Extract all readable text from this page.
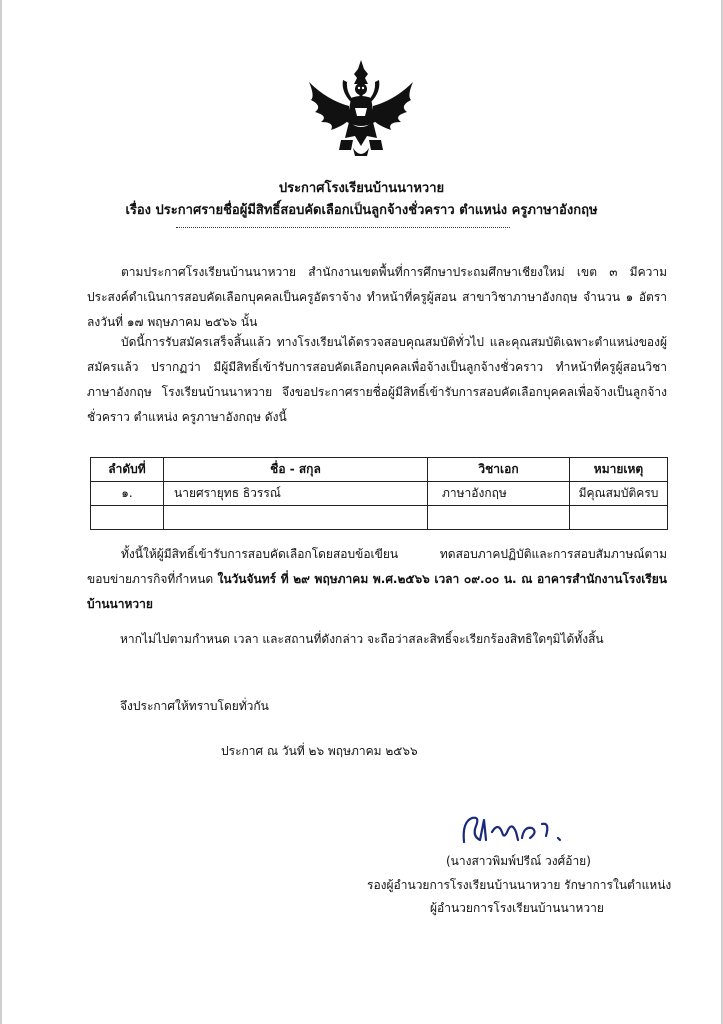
ประกาศโรงเรียนบ้านนาหวาย
เรื่อง ประกาศรายชื่อผู้มีสิทธิ์สอบคัดเลือกเป็นลูกจ้างชั่วคราว ตำแหน่ง ครูภาษาอังกฤษ
ตามประกาศโรงเรียนบ้านนาหวาย สำนักงานเขตพื้นที่การศึกษาประถมศึกษาเชียงใหม่ เขต ๓ มีความประสงค์ดำเนินการสอบคัดเลือกบุคคลเป็นครูอัตราจ้าง ทำหน้าที่ครูผู้สอน สาขาวิชาภาษาอังกฤษ จำนวน ๑ อัตรา ลงวันที่ ๑๗ พฤษภาคม ๒๕๖๖ นั้น
บัดนี้การรับสมัครเสร็จสิ้นแล้ว ทางโรงเรียนได้ตรวจสอบคุณสมบัติทั่วไป และคุณสมบัติเฉพาะตำแหน่งของผู้สมัครแล้ว ปรากฏว่า มีผู้มีสิทธิ์เข้ารับการสอบคัดเลือกบุคคลเพื่อจ้างเป็นลูกจ้างชั่วคราว ทำหน้าที่ครูผู้สอนวิชาภาษาอังกฤษ โรงเรียนบ้านนาหวาย จึงขอประกาศรายชื่อผู้มีสิทธิ์เข้ารับการสอบคัดเลือกบุคคลเพื่อจ้างเป็นลูกจ้างชั่วคราว ตำแหน่ง ครูภาษาอังกฤษ ดังนี้
ลำดับที่	ชื่อ - สกุล	วิชาเอก	หมายเหตุ
๑.	นายศรายุทธ ธิวรรณ์	ภาษาอังกฤษ	มีคุณสมบัติครบ

ทั้งนี้ให้ผู้มีสิทธิ์เข้ารับการสอบคัดเลือกโดยสอบข้อเขียน ทดสอบภาคปฏิบัติและการสอบสัมภาษณ์ตามขอบข่ายภารกิจที่กำหนด ในวันจันทร์ ที่ ๒๙ พฤษภาคม พ.ศ.๒๕๖๖ เวลา ๐๙.๐๐ น. ณ อาคารสำนักงานโรงเรียนบ้านนาหวาย
หากไม่ไปตามกำหนด เวลา และสถานที่ดังกล่าว จะถือว่าสละสิทธิ์จะเรียกร้องสิทธิใดๆมิได้ทั้งสิ้น
จึงประกาศให้ทราบโดยทั่วกัน
ประกาศ ณ วันที่ ๒๖ พฤษภาคม ๒๕๖๖
(นางสาวพิมพ์ปรีณ์ วงศ์อ้าย)
รองผู้อำนวยการโรงเรียนบ้านนาหวาย รักษาการในตำแหน่ง
ผู้อำนวยการโรงเรียนบ้านนาหวาย
